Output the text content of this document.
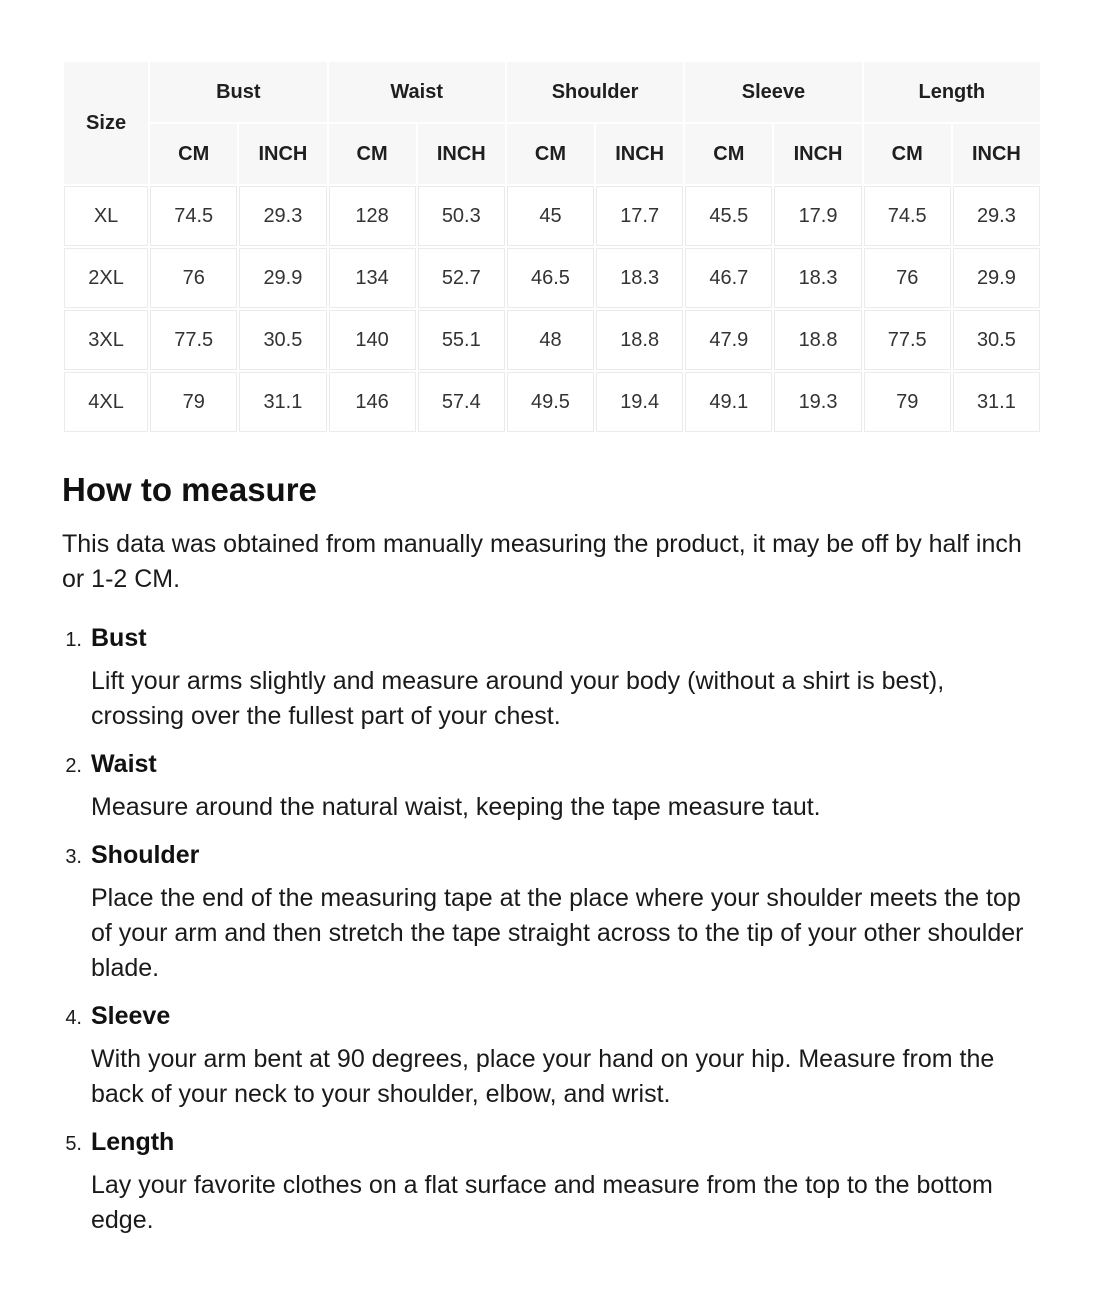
Size	Bust		Waist		Shoulder		Sleeve		Length	
	CM	INCH	CM	INCH	CM	INCH	CM	INCH	CM	INCH
XL	74.5	29.3	128	50.3	45	17.7	45.5	17.9	74.5	29.3
2XL	76	29.9	134	52.7	46.5	18.3	46.7	18.3	76	29.9
3XL	77.5	30.5	140	55.1	48	18.8	47.9	18.8	77.5	30.5
4XL	79	31.1	146	57.4	49.5	19.4	49.1	19.3	79	31.1
How to measure

This data was obtained from manually measuring the product, it may be off by half inch or 1-2 CM.

1. Bust

Lift your arms slightly and measure around your body (without a shirt is best), crossing over the fullest part of your chest.

2. Waist

Measure around the natural waist, keeping the tape measure taut.

3. Shoulder

Place the end of the measuring tape at the place where your shoulder meets the top of your arm and then stretch the tape straight across to the tip of your other shoulder blade.

4. Sleeve

With your arm bent at 90 degrees, place your hand on your hip. Measure from the back of your neck to your shoulder, elbow, and wrist.

5. Length

Lay your favorite clothes on a flat surface and measure from the top to the bottom edge.
